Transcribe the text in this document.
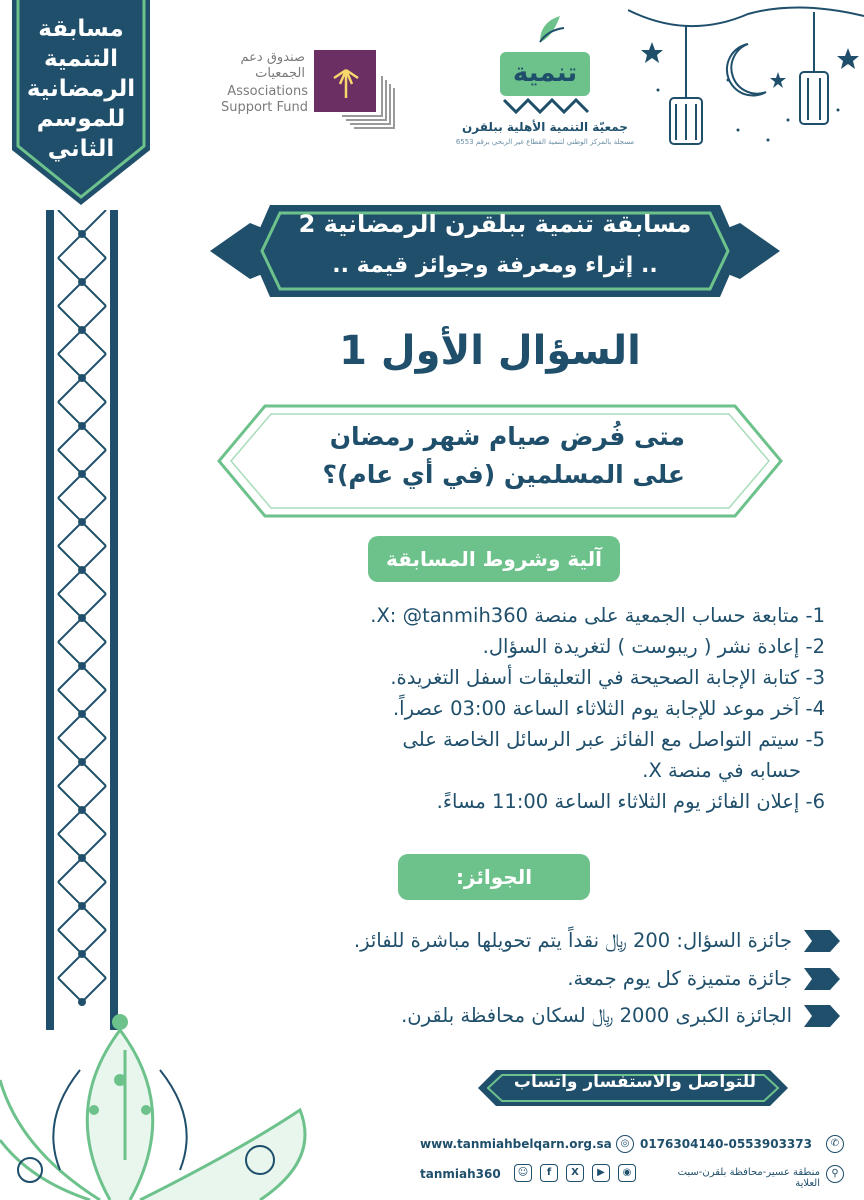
مسابقة
التنمية
الرمضانية
للموسم
الثاني
صندوق دعم
الجمعيات
Associations
Support Fund
تنمية
جمعيّة التنمية الأهلية ببلقرن
مسجلة بالمركز الوطني لتنمية القطاع غير الربحي برقم 6553
مسابقة تنمية ببلقرن الرمضانية 2
.. إثراء ومعرفة وجوائز قيمة ..
السؤال الأول 1
متى فُرض صيام شهر رمضان
على المسلمين (في أي عام)؟
آلية وشروط المسابقة
1- متابعة حساب الجمعية على منصة X: ‎@tanmih360.
2- إعادة نشر ( ريبوست ) لتغريدة السؤال.
3- كتابة الإجابة الصحيحة في التعليقات أسفل التغريدة.
4- آخر موعد للإجابة يوم الثلاثاء الساعة 03:00 عصراً.
5- سيتم التواصل مع الفائز عبر الرسائل الخاصة على
حسابه في منصة X.
6- إعلان الفائز يوم الثلاثاء الساعة 11:00 مساءً.
الجوائز:
جائزة السؤال: 200 ﷼ نقداً يتم تحويلها مباشرة للفائز.
جائزة متميزة كل يوم جمعة.
الجائزة الكبرى 2000 ﷼ لسكان محافظة بلقرن.
للتواصل والاستفسار واتساب
◎
www.tanmiahbelqarn.org.sa 0176304140-0553903373	✆
tanmiah360	☺	f	X	▶	◉	منطقة عسير-محافظة بلقرن-سبت العلاية
⚲
